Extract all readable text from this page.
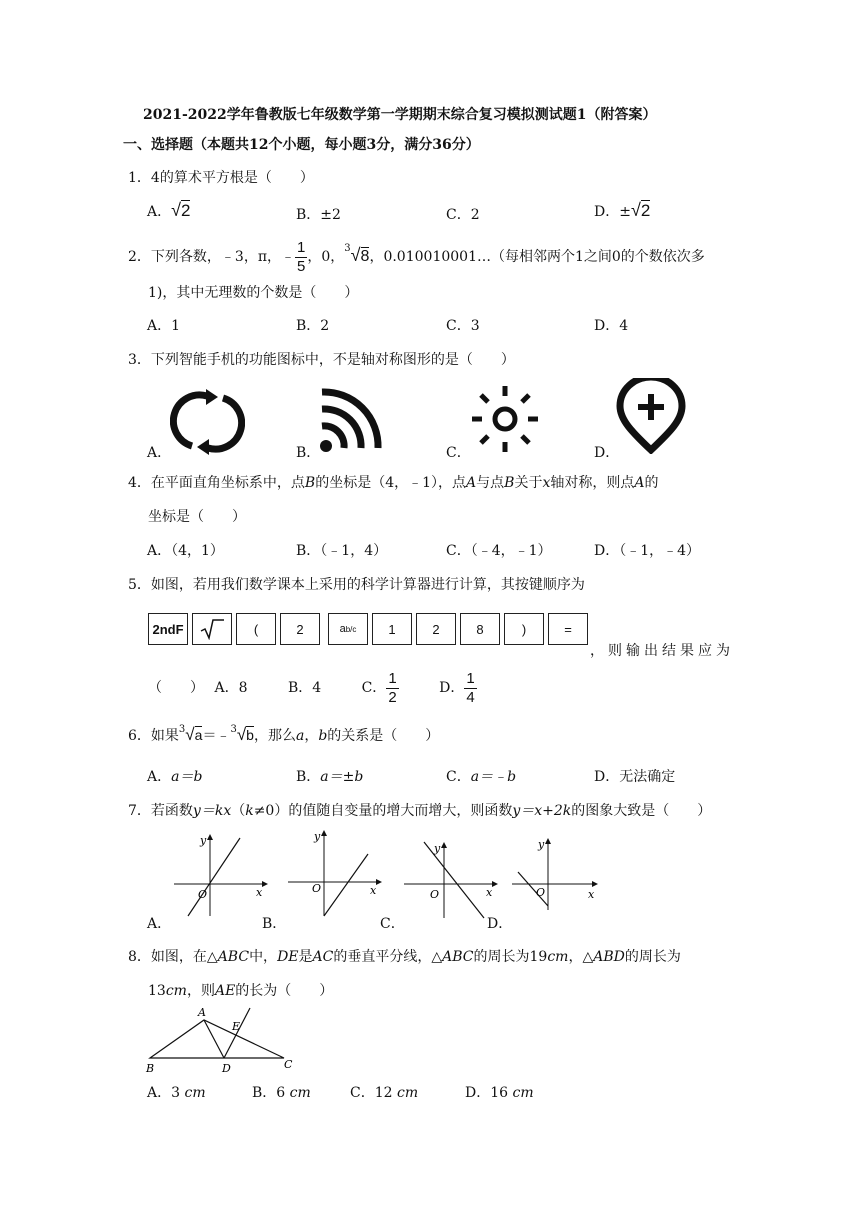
2021-2022学年鲁教版七年级数学第一学期期末综合复习模拟测试题1（附答案）
一、选择题（本题共12个小题，每小题3分，满分36分）
1．4的算术平方根是（　　）
A．√2	B．±2	C．2	D．±√2
2．下列各数，﹣3，π，﹣ $\frac{1}{5}$ ，0，$^3$√8，0.010010001…（每相邻两个1之间0的个数依次多
1)，其中无理数的个数是（　　）
A．1	B．2	C．3	D．4
3．下列智能手机的功能图标中，不是轴对称图形的是（　　）
A．	B．	C．	D．
4．在平面直角坐标系中，点B的坐标是（4，﹣1），点A与点B关于x轴对称，则点A的
坐标是（　　）
A．（4，1）	B．（﹣1，4）	C．（﹣4，﹣1）	D．（﹣1，﹣4）
5．如图，若用我们数学课本上采用的科学计算器进行计算，其按键顺序为
2ndF	(	2	a b/c	1	2	8	)	=
，则输出结果应为
（　　） A．8	B．4	C． $\frac{1}{2}$	D． $\frac{1}{4}$
6．如果$^3$√a＝﹣$^3$√b，那么a，b的关系是（　　）
A．a＝b	B．a＝±b	C．a＝﹣b	D．无法确定
7．若函数y＝kx（k≠0）的值随自变量的增大而增大，则函数y＝x+2k的图象大致是（　　）
A．
y
x
O
B．
y
x
O
C．
y
x
O
D．
y
x
O
8．如图，在△ABC中，DE是AC的垂直平分线，△ABC的周长为19cm，△ABD的周长为
13cm，则AE的长为（　　）
A
B	C
D
E
A．3 cm	B．6 cm	C．12 cm	D．16 cm
